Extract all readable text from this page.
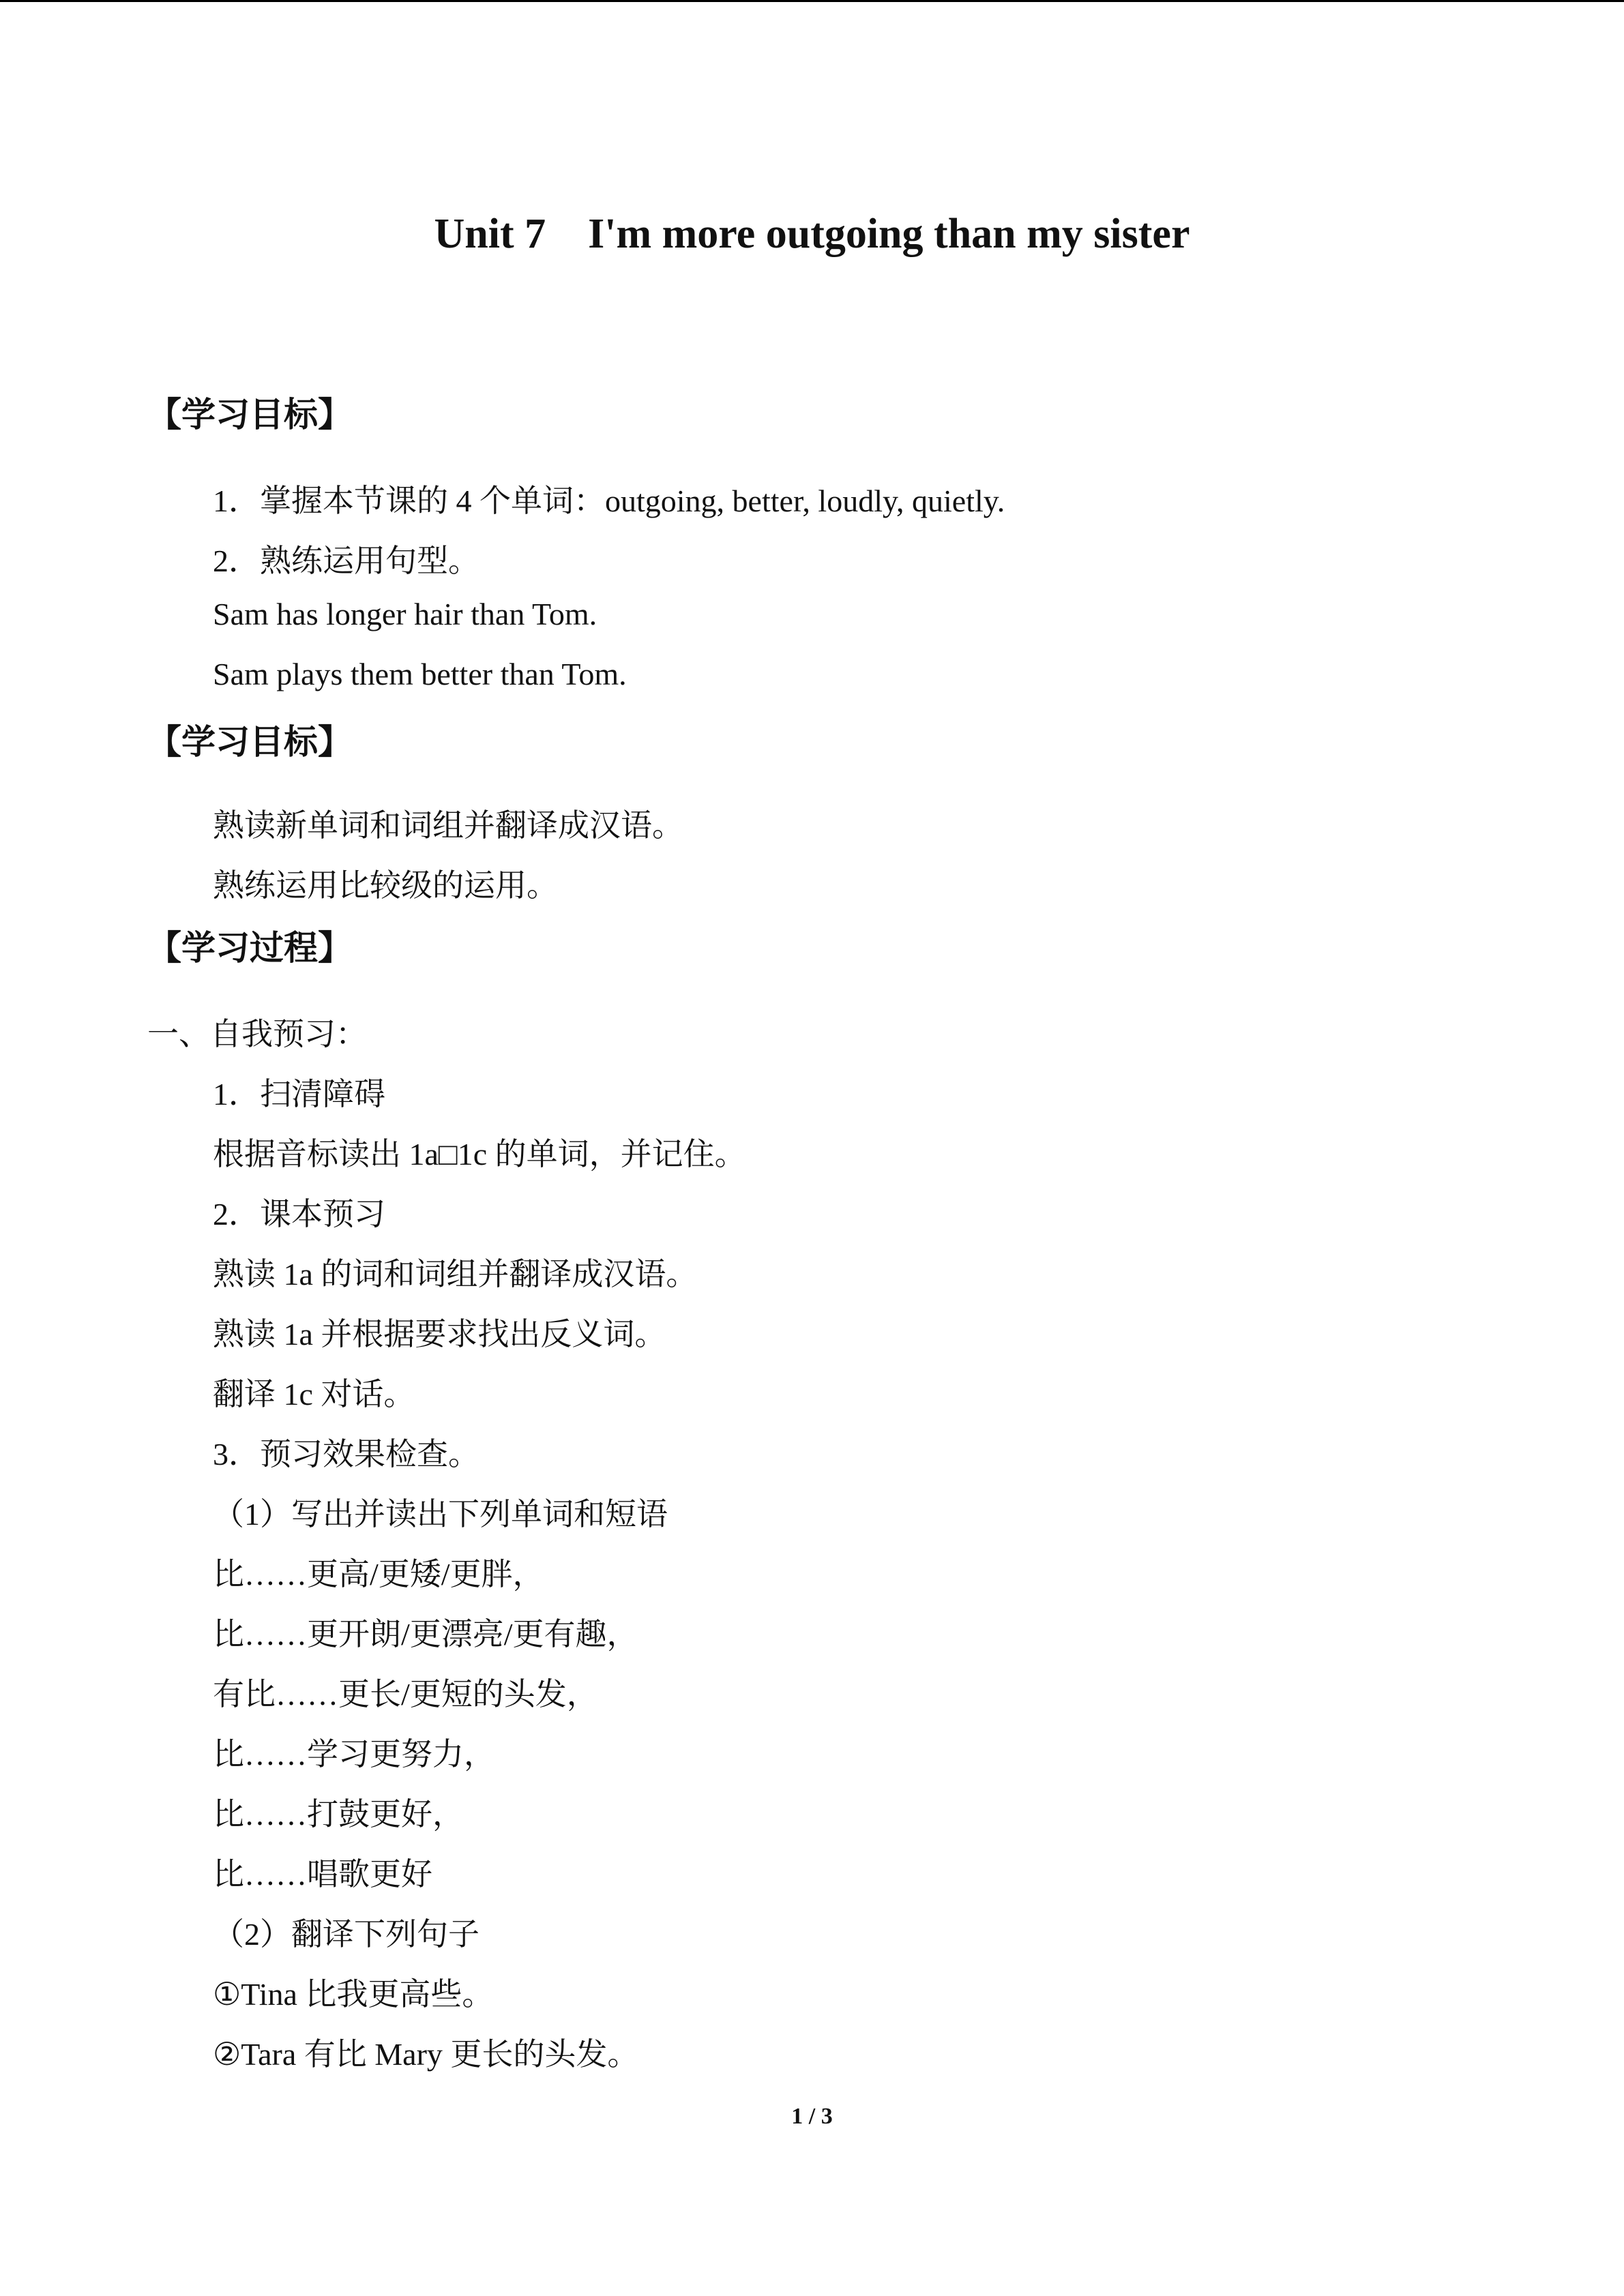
Unit 7    I'm more outgoing than my sister
【学习目标】
1．掌握本节课的 4 个单词：outgoing, better, loudly, quietly.
2．熟练运用句型。
Sam has longer hair than Tom.
Sam plays them better than Tom.
【学习目标】
熟读新单词和词组并翻译成汉语。
熟练运用比较级的运用。
【学习过程】
一、自我预习：
1．扫清障碍
根据音标读出 1a□1c 的单词，并记住。
2．课本预习
熟读 1a 的词和词组并翻译成汉语。
熟读 1a 并根据要求找出反义词。
翻译 1c 对话。
3．预习效果检查。
（1）写出并读出下列单词和短语
比……更高/更矮/更胖，
比……更开朗/更漂亮/更有趣，
有比……更长/更短的头发，
比……学习更努力，
比……打鼓更好，
比……唱歌更好
（2）翻译下列句子
①Tina 比我更高些。
②Tara 有比 Mary 更长的头发。
1 / 3
